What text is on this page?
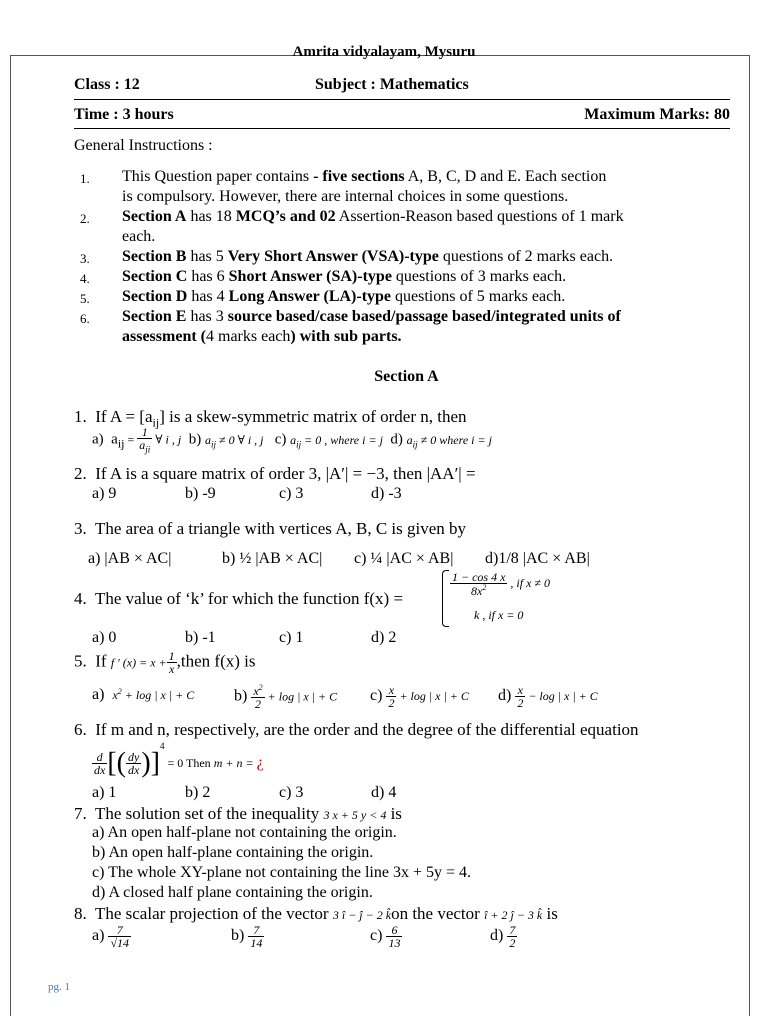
Amrita vidyalayam, Mysuru
Class : 12	Subject : Mathematics
Time : 3 hours	Maximum Marks: 80
General Instructions :
1. This Question paper contains - five sections A, B, C, D and E. Each section
is compulsory. However, there are internal choices in some questions.
2. Section A has 18 MCQ’s and 02 Assertion-Reason based questions of 1 mark
each.
3. Section B has 5 Very Short Answer (VSA)-type questions of 2 marks each.
4. Section C has 6 Short Answer (SA)-type questions of 3 marks each.
5. Section D has 4 Long Answer (LA)-type questions of 5 marks each.
6. Section E has 3 source based/case based/passage based/integrated units of
assessment (4 marks each) with sub parts.
Section A
1. If $A = [a_{ij}]$ is a skew-symmetric matrix of order n, then
a) $a_{ij} = \frac{1}{a_{ji}}$ ∀ i , j b) $a_{ij} \ne 0$ ∀ i , j c) $a_{ij} = 0$ , where i = j d) $a_{ij} \ne 0$ where i = j
2. If A is a square matrix of order 3, |A′| = −3, then |AA′| =
a) 9	b) -9	c) 3	d) -3
3. The area of a triangle with vertices A, B, C is given by
a) |AB × AC|	b) ½ |AB × AC| c) ¼ |AC × AB| d)1/8 |AC × AB|
4. The value of ‘k’ for which the function f(x) =
$\frac{1 - \cos 4 x}{8x^2}$ , if x ≠ 0
k , if x = 0
a) 0	b) -1	c) 1	d) 2
5. If f ′ $(x) = x + \frac{1}{x}$ ,then f(x) is
a) $x^2 + \log$ | x | + C $b) \frac{x^2}{2} + \log$ | x | + C $c) \frac{x}{2} + \log$ | x | + C $d) \frac{x}{2} - \log$ | x | + C
6. If m and n, respectively, are the order and the degree of the differential equation
$\frac{d}{dx}$ [( $\frac{dy}{dx} )]^4 = 0$ Then m + n = ¿
a) 1	b) 2	c) 3	d) 4
7. The solution set of the inequality 3 x + 5 y < 4 is
a) An open half-plane not containing the origin.
b) An open half-plane containing the origin.
c) The whole XY-plane not containing the line 3x + 5y = 4.
d) A closed half plane containing the origin.
8. The scalar projection of the vector 3 î − ĵ − 2 k̂on the vector î + 2 ĵ − 3 k̂ is
$a) \frac{7}{√14}$	$b) \frac{7}{14}$	$c) \frac{6}{13}$	$d) \frac{7}{2}$
pg. 1
